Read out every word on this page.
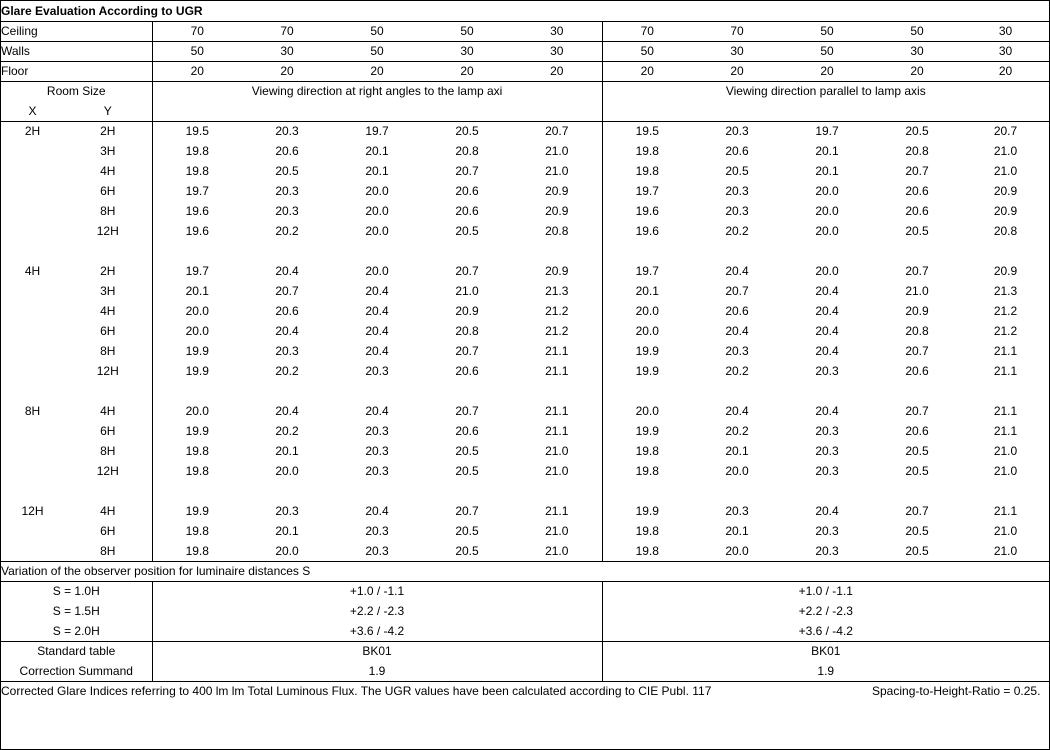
Glare Evaluation According to UGR											
Ceiling		70	70	50	50	30	70	70	50	50	30
Walls		50	30	50	30	30	50	30	50	30	30
Floor		20	20	20	20	20	20	20	20	20	20
Room Size		Viewing direction at right angles to the lamp axi					Viewing direction parallel to lamp axis				
X	Y										
2H	2H	19.5	20.3	19.7	20.5	20.7	19.5	20.3	19.7	20.5	20.7
	3H	19.8	20.6	20.1	20.8	21.0	19.8	20.6	20.1	20.8	21.0
	4H	19.8	20.5	20.1	20.7	21.0	19.8	20.5	20.1	20.7	21.0
	6H	19.7	20.3	20.0	20.6	20.9	19.7	20.3	20.0	20.6	20.9
	8H	19.6	20.3	20.0	20.6	20.9	19.6	20.3	20.0	20.6	20.9
	12H	19.6	20.2	20.0	20.5	20.8	19.6	20.2	20.0	20.5	20.8

4H	2H	19.7	20.4	20.0	20.7	20.9	19.7	20.4	20.0	20.7	20.9
	3H	20.1	20.7	20.4	21.0	21.3	20.1	20.7	20.4	21.0	21.3
	4H	20.0	20.6	20.4	20.9	21.2	20.0	20.6	20.4	20.9	21.2
	6H	20.0	20.4	20.4	20.8	21.2	20.0	20.4	20.4	20.8	21.2
	8H	19.9	20.3	20.4	20.7	21.1	19.9	20.3	20.4	20.7	21.1
	12H	19.9	20.2	20.3	20.6	21.1	19.9	20.2	20.3	20.6	21.1

8H	4H	20.0	20.4	20.4	20.7	21.1	20.0	20.4	20.4	20.7	21.1
	6H	19.9	20.2	20.3	20.6	21.1	19.9	20.2	20.3	20.6	21.1
	8H	19.8	20.1	20.3	20.5	21.0	19.8	20.1	20.3	20.5	21.0
	12H	19.8	20.0	20.3	20.5	21.0	19.8	20.0	20.3	20.5	21.0

12H	4H	19.9	20.3	20.4	20.7	21.1	19.9	20.3	20.4	20.7	21.1
	6H	19.8	20.1	20.3	20.5	21.0	19.8	20.1	20.3	20.5	21.0
	8H	19.8	20.0	20.3	20.5	21.0	19.8	20.0	20.3	20.5	21.0
Variation of the observer position for luminaire distances S											
S = 1.0H		+1.0 / -1.1					+1.0 / -1.1				
S = 1.5H		+2.2 / -2.3					+2.2 / -2.3				
S = 2.0H		+3.6 / -4.2					+3.6 / -4.2				
Standard table		BK01					BK01				
Correction Summand		1.9					1.9				
Corrected Glare Indices referring to 400 lm lm Total Luminous Flux. The UGR values have been calculated according to CIE Publ. 117										Spacing-to-Height-Ratio = 0.25.	
